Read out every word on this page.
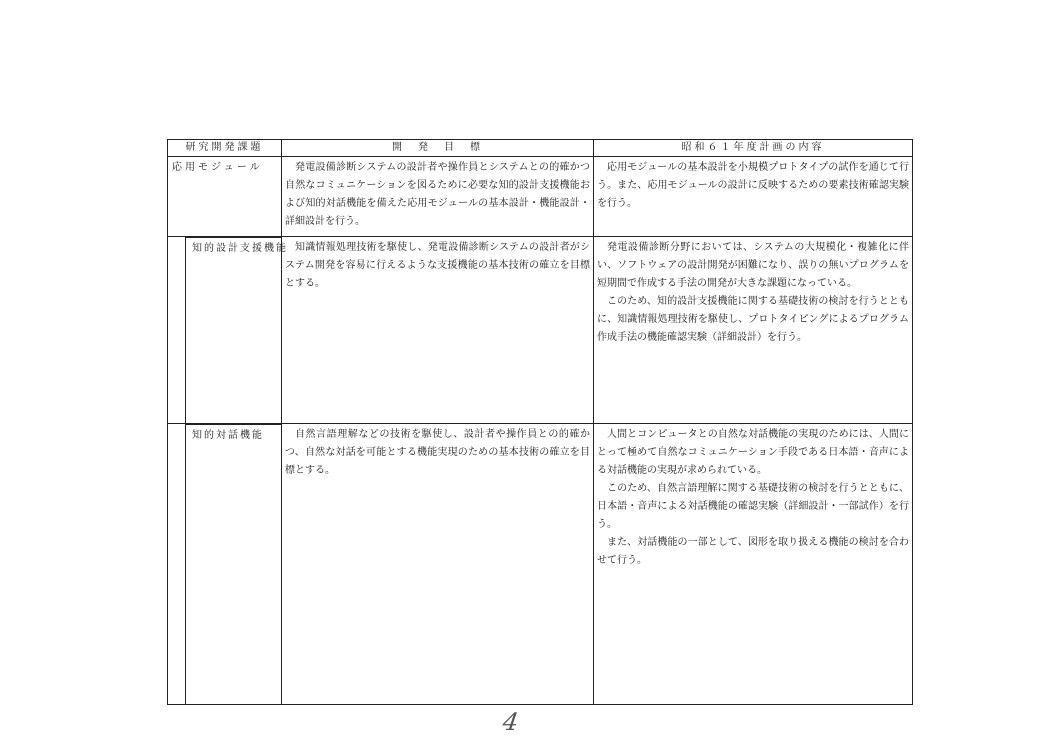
研究開発課題	開　発　目　標	昭和６１年度計画の内容

応用モジュール	発電設備診断システムの設計者や操作員とシステムとの的確かつ自然なコミュニケーションを図るために必要な知的設計支援機能および知的対話機能を備えた応用モジュールの基本設計・機能設計・詳細設計を行う。	応用モジュールの基本設計を小規模プロトタイプの試作を通じて行う。また、応用モジュールの設計に反映するための要素技術確認実験を行う。

知的設計支援機能	知識情報処理技術を駆使し、発電設備診断システムの設計者がシステム開発を容易に行えるような支援機能の基本技術の確立を目標とする。	発電設備診断分野においては、システムの大規模化・複雑化に伴い、ソフトウェアの設計開発が困難になり、誤りの無いプログラムを短期間で作成する手法の開発が大きな課題になっている。

このため、知的設計支援機能に関する基礎技術の検討を行うとともに、知識情報処理技術を駆使し、プロトタイピングによるプログラム作成手法の機能確認実験（詳細設計）を行う。

知的対話機能	自然言語理解などの技術を駆使し、設計者や操作員との的確かつ、自然な対話を可能とする機能実現のための基本技術の確立を目標とする。	人間とコンピュータとの自然な対話機能の実現のためには、人間にとって極めて自然なコミュニケーション手段である日本語・音声による対話機能の実現が求められている。

このため、自然言語理解に関する基礎技術の検討を行うとともに、日本語・音声による対話機能の確認実験（詳細設計・一部試作）を行う。

また、対話機能の一部として、図形を取り扱える機能の検討を合わせて行う。

4
